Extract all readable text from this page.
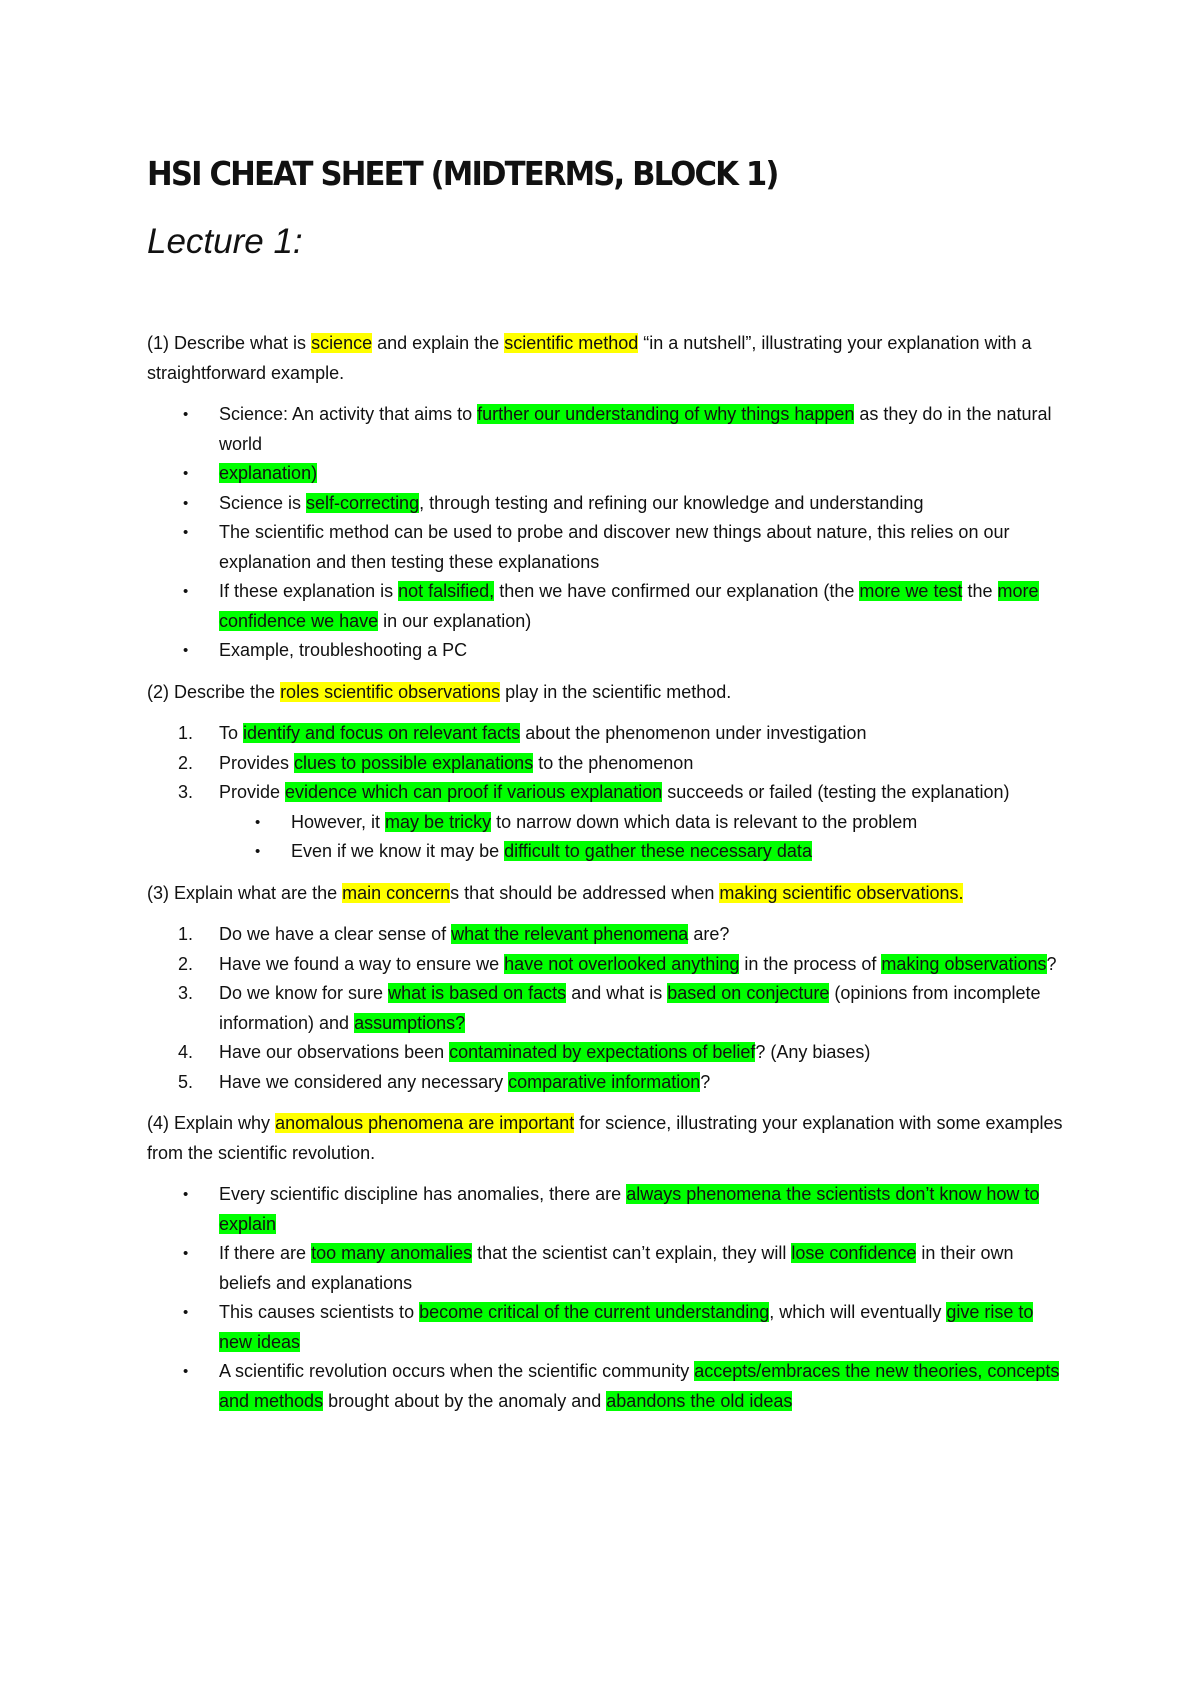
HSI CHEAT SHEET (MIDTERMS, BLOCK 1)
Lecture 1:

(1) Describe what is science and explain the scientific method “in a nutshell”, illustrating your explanation with a straightforward example.

• Science: An activity that aims to further our understanding of why things happen as they do in the natural world
• explanation)
• Science is self-correcting, through testing and refining our knowledge and understanding
• The scientific method can be used to probe and discover new things about nature, this relies on our explanation and then testing these explanations
• If these explanation is not falsified, then we have confirmed our explanation (the more we test the more confidence we have in our explanation)
• Example, troubleshooting a PC

(2) Describe the roles scientific observations play in the scientific method.

1. To identify and focus on relevant facts about the phenomenon under investigation
2. Provides clues to possible explanations to the phenomenon
3. Provide evidence which can proof if various explanation succeeds or failed (testing the explanation)
• However, it may be tricky to narrow down which data is relevant to the problem
• Even if we know it may be difficult to gather these necessary data

(3) Explain what are the main concerns that should be addressed when making scientific observations.

1. Do we have a clear sense of what the relevant phenomena are?
2. Have we found a way to ensure we have not overlooked anything in the process of making observations?
3. Do we know for sure what is based on facts and what is based on conjecture (opinions from incomplete information) and assumptions?
4. Have our observations been contaminated by expectations of belief? (Any biases)
5. Have we considered any necessary comparative information?

(4) Explain why anomalous phenomena are important for science, illustrating your explanation with some examples from the scientific revolution.

• Every scientific discipline has anomalies, there are always phenomena the scientists don’t know how to explain
• If there are too many anomalies that the scientist can’t explain, they will lose confidence in their own beliefs and explanations
• This causes scientists to become critical of the current understanding, which will eventually give rise to new ideas
• A scientific revolution occurs when the scientific community accepts/embraces the new theories, concepts and methods brought about by the anomaly and abandons the old ideas
